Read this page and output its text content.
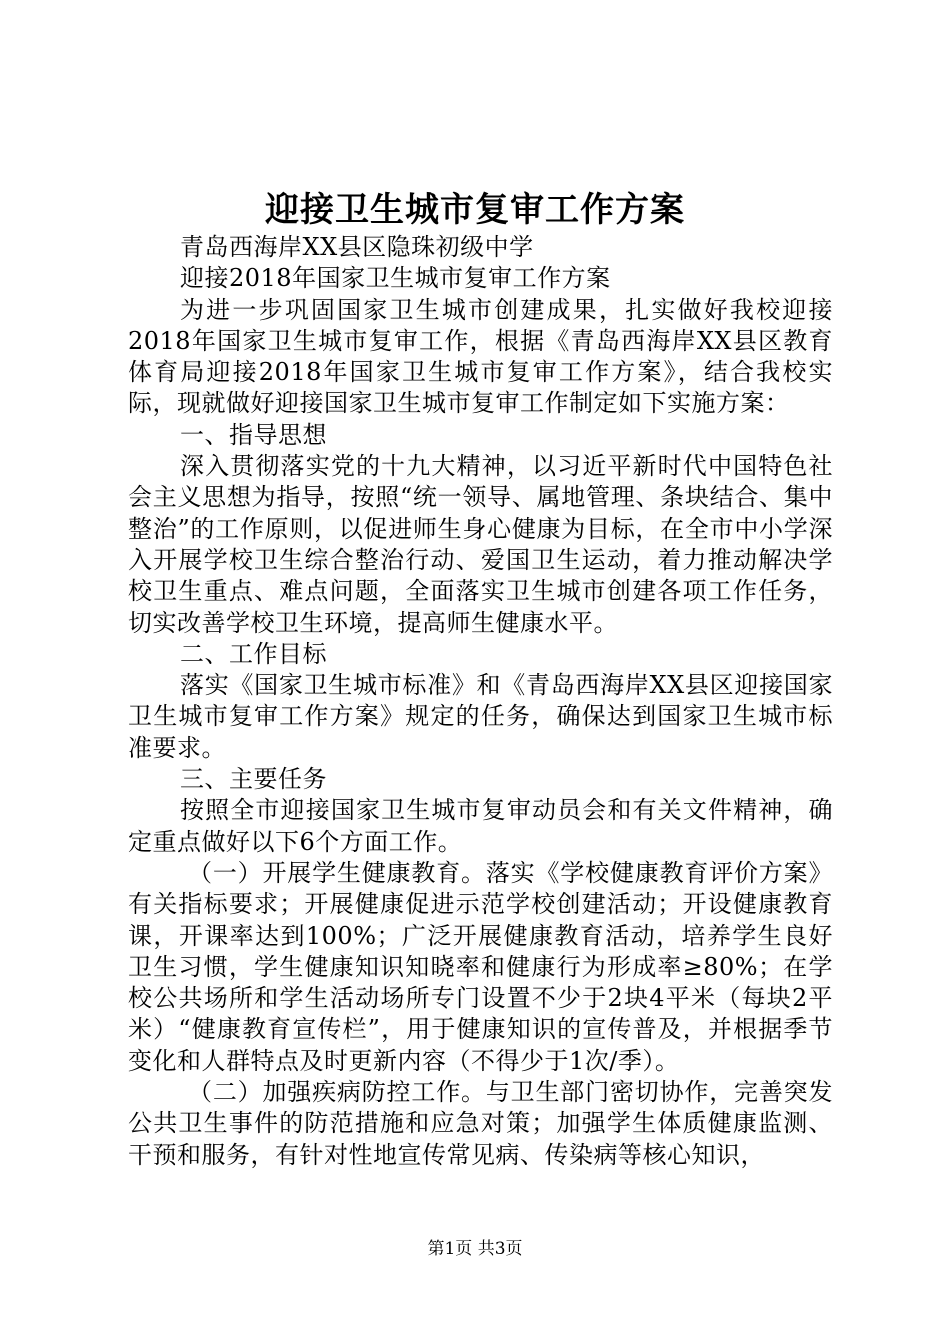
迎接卫生城市复审工作方案

青岛西海岸XX县区隐珠初级中学

迎接2018年国家卫生城市复审工作方案

为进一步巩固国家卫生城市创建成果，扎实做好我校迎接2018年国家卫生城市复审工作，根据《青岛西海岸XX县区教育体育局迎接2018年国家卫生城市复审工作方案》，结合我校实际，现就做好迎接国家卫生城市复审工作制定如下实施方案：

一、指导思想

深入贯彻落实党的十九大精神，以习近平新时代中国特色社会主义思想为指导，按照“统一领导、属地管理、条块结合、集中整治”的工作原则，以促进师生身心健康为目标，在全市中小学深入开展学校卫生综合整治行动、爱国卫生运动，着力推动解决学校卫生重点、难点问题，全面落实卫生城市创建各项工作任务，切实改善学校卫生环境，提高师生健康水平。

二、工作目标

落实《国家卫生城市标准》和《青岛西海岸XX县区迎接国家卫生城市复审工作方案》规定的任务，确保达到国家卫生城市标准要求。

三、主要任务

按照全市迎接国家卫生城市复审动员会和有关文件精神，确定重点做好以下6个方面工作。

（一）开展学生健康教育。落实《学校健康教育评价方案》有关指标要求；开展健康促进示范学校创建活动；开设健康教育课，开课率达到100%；广泛开展健康教育活动，培养学生良好卫生习惯，学生健康知识知晓率和健康行为形成率≥80%；在学校公共场所和学生活动场所专门设置不少于2块4平米（每块2平米）“健康教育宣传栏”，用于健康知识的宣传普及，并根据季节变化和人群特点及时更新内容（不得少于1次/季）。

（二）加强疾病防控工作。与卫生部门密切协作，完善突发公共卫生事件的防范措施和应急对策；加强学生体质健康监测、干预和服务，有针对性地宣传常见病、传染病等核心知识，

第1页 共3页
